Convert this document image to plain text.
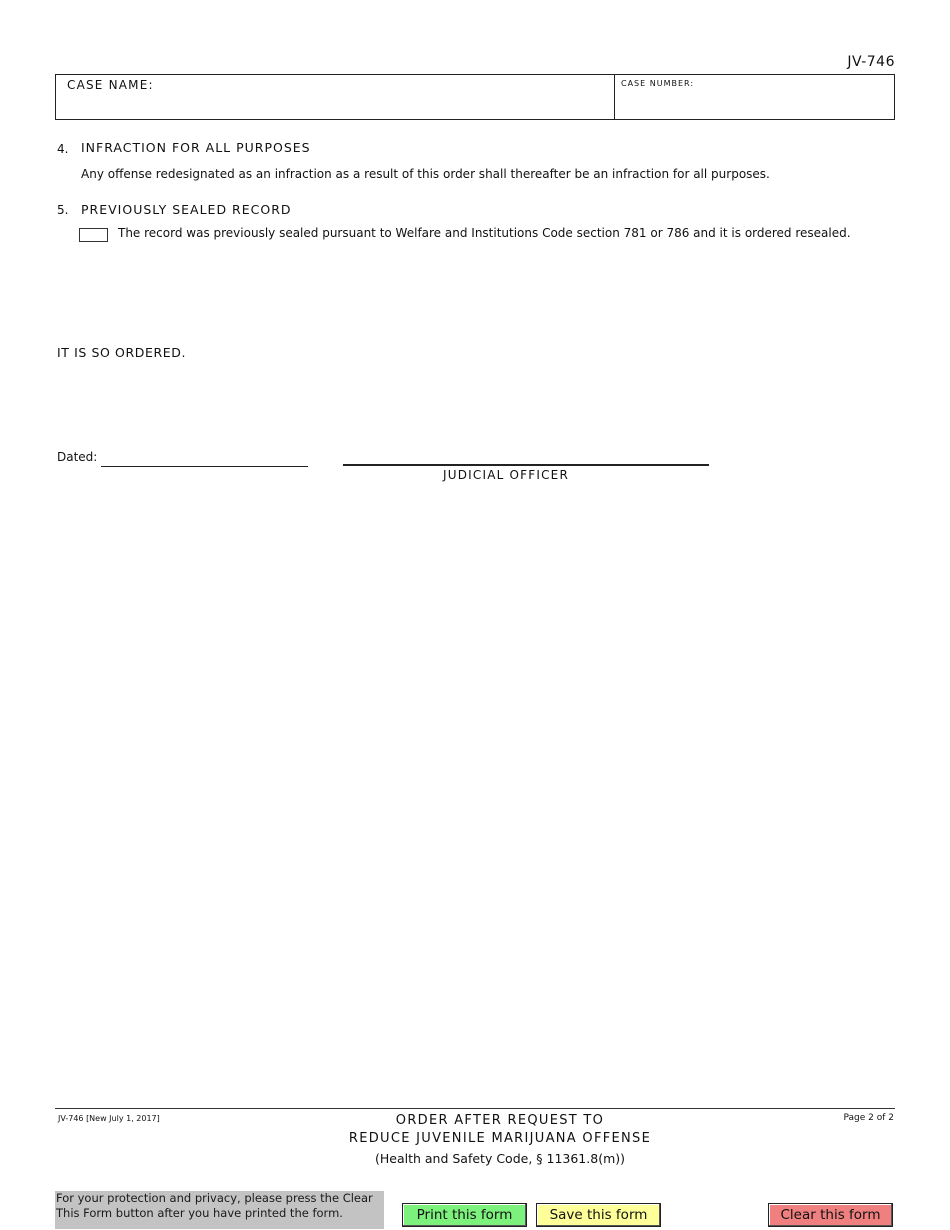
JV-746
CASE NAME:	CASE NUMBER:
4. INFRACTION FOR ALL PURPOSES
Any offense redesignated as an infraction as a result of this order shall thereafter be an infraction for all purposes.
5. PREVIOUSLY SEALED RECORD
The record was previously sealed pursuant to Welfare and Institutions Code section 781 or 786 and it is ordered resealed.
IT IS SO ORDERED.
Dated:
JUDICIAL OFFICER
JV-746 [New July 1, 2017]	ORDER AFTER REQUEST TO
REDUCE JUVENILE MARIJUANA OFFENSE
(Health and Safety Code, § 11361.8(m))
Page 2 of 2
For your protection and privacy, please press the Clear This Form button after you have printed the form.	Print this form	Save this form	Clear this form
